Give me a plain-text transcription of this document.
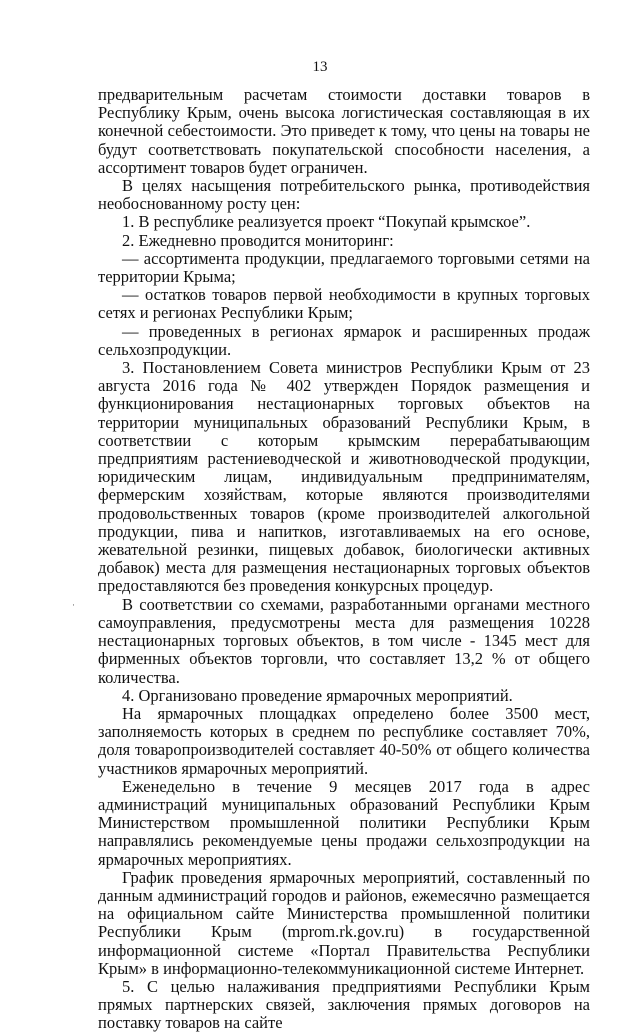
13

предварительным расчетам стоимости доставки товаров в Республику Крым, очень высока логистическая составляющая в их конечной себестоимости. Это приведет к тому, что цены на товары не будут соответствовать покупательской способности населения, а ассортимент товаров будет ограничен.

В целях насыщения потребительского рынка, противодействия необоснованному росту цен:

1. В республике реализуется проект “Покупай крымское”.

2. Ежедневно проводится мониторинг:

— ассортимента продукции, предлагаемого торговыми сетями на территории Крыма;

— остатков товаров первой необходимости в крупных торговых сетях и регионах Республики Крым;

— проведенных в регионах ярмарок и расширенных продаж сельхозпродукции.

3. Постановлением Совета министров Республики Крым от 23 августа 2016 года № 402 утвержден Порядок размещения и функционирования нестационарных торговых объектов на территории муниципальных образований Республики Крым, в соответствии с которым крымским перерабатывающим предприятиям растениеводческой и животноводческой продукции, юридическим лицам, индивидуальным предпринимателям, фермерским хозяйствам, которые являются производителями продовольственных товаров (кроме производителей алкогольной продукции, пива и напитков, изготавливаемых на его основе, жевательной резинки, пищевых добавок, биологически активных добавок) места для размещения нестационарных торговых объектов предоставляются без проведения конкурсных процедур.

В соответствии со схемами, разработанными органами местного самоуправления, предусмотрены места для размещения 10228 нестационарных торговых объектов, в том числе - 1345 мест для фирменных объектов торговли, что составляет 13,2 % от общего количества.

4. Организовано проведение ярмарочных мероприятий.

На ярмарочных площадках определено более 3500 мест, заполняемость которых в среднем по республике составляет 70%, доля товаропроизводителей составляет 40-50% от общего количества участников ярмарочных мероприятий.

Еженедельно в течение 9 месяцев 2017 года в адрес администраций муниципальных образований Республики Крым Министерством промышленной политики Республики Крым направлялись рекомендуемые цены продажи сельхозпродукции на ярмарочных мероприятиях.

График проведения ярмарочных мероприятий, составленный по данным администраций городов и районов, ежемесячно размещается на официальном сайте Министерства промышленной политики Республики Крым (mprom.rk.gov.ru) в государственной информационной системе «Портал Правительства Республики Крым» в информационно-телекоммуникационной системе Интернет.

5. С целью налаживания предприятиями Республики Крым прямых партнерских связей, заключения прямых договоров на поставку товаров на сайте

·
